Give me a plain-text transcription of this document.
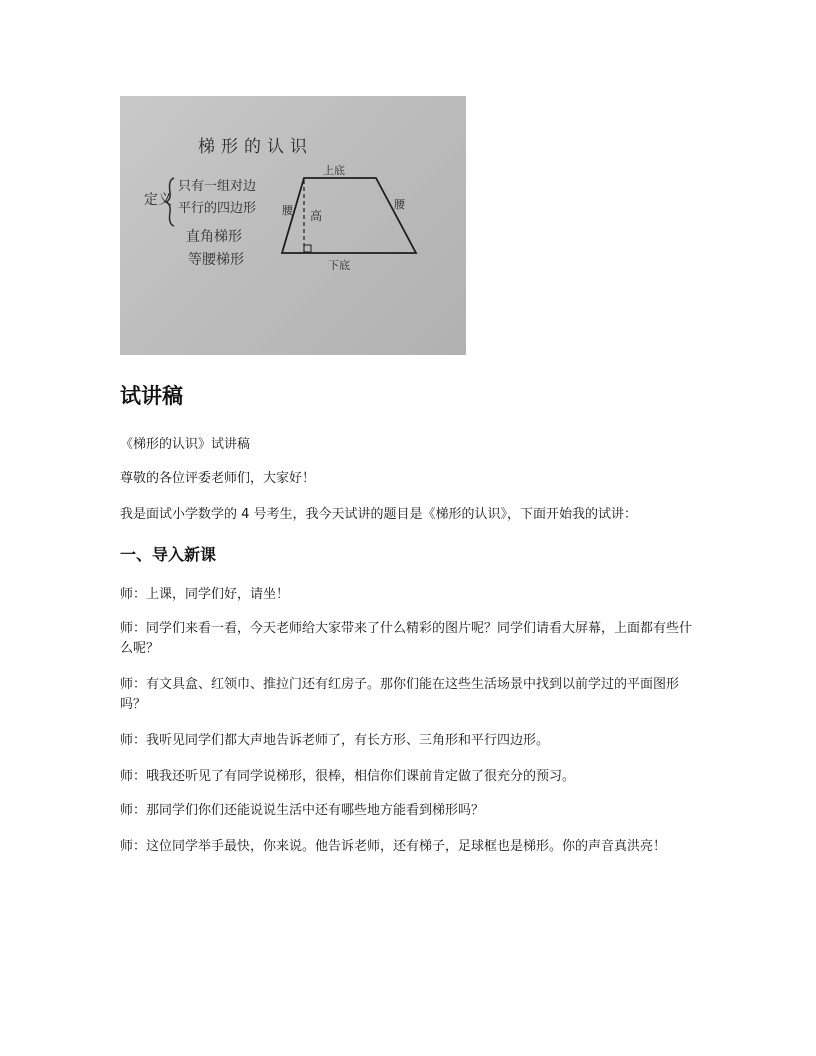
梯形的认识
定义
只有一组对边
平行的四边形
直角梯形
等腰梯形
上底
下底
腰	腰
高
试讲稿

《梯形的认识》试讲稿

尊敬的各位评委老师们，大家好！

我是面试小学数学的 4 号考生，我今天试讲的题目是《梯形的认识》，下面开始我的试讲：

一、导入新课

师：上课，同学们好，请坐！

师：同学们来看一看，今天老师给大家带来了什么精彩的图片呢？同学们请看大屏幕，上面都有些什么呢？

师：有文具盒、红领巾、推拉门还有红房子。那你们能在这些生活场景中找到以前学过的平面图形吗？

师：我听见同学们都大声地告诉老师了，有长方形、三角形和平行四边形。

师：哦我还听见了有同学说梯形，很棒，相信你们课前肯定做了很充分的预习。

师：那同学们你们还能说说生活中还有哪些地方能看到梯形吗？

师：这位同学举手最快，你来说。他告诉老师，还有梯子，足球框也是梯形。你的声音真洪亮！
